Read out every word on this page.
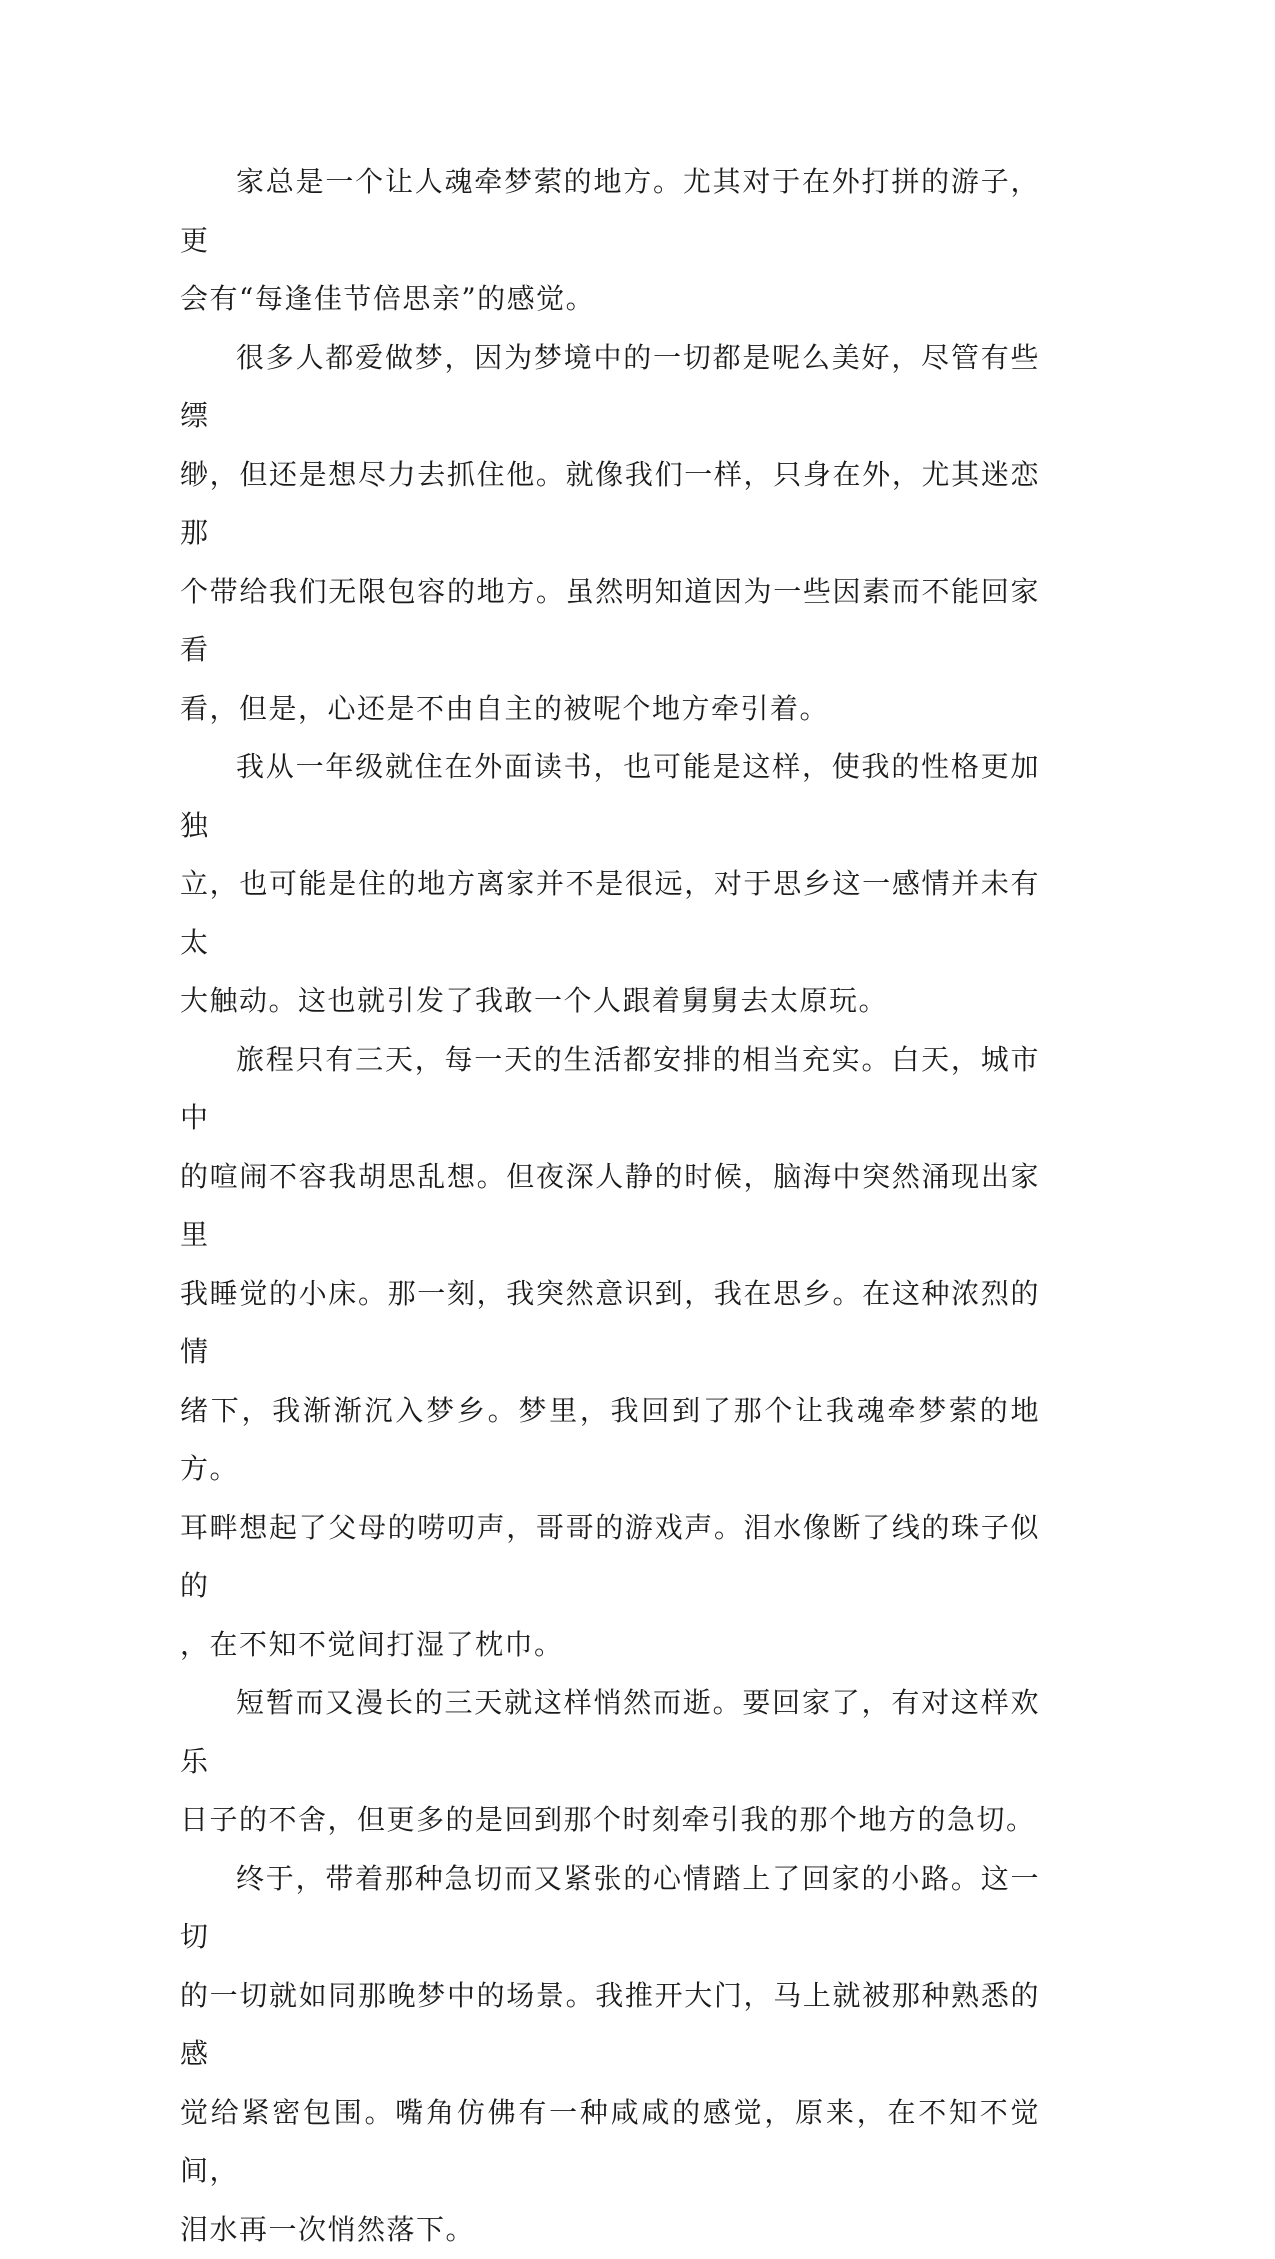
家总是一个让人魂牵梦萦的地方。尤其对于在外打拼的游子，更
会有“每逢佳节倍思亲”的感觉。

很多人都爱做梦，因为梦境中的一切都是呢么美好，尽管有些缥
缈，但还是想尽力去抓住他。就像我们一样，只身在外，尤其迷恋那
个带给我们无限包容的地方。虽然明知道因为一些因素而不能回家看
看，但是，心还是不由自主的被呢个地方牵引着。

我从一年级就住在外面读书，也可能是这样，使我的性格更加独
立，也可能是住的地方离家并不是很远，对于思乡这一感情并未有太
大触动。这也就引发了我敢一个人跟着舅舅去太原玩。

旅程只有三天，每一天的生活都安排的相当充实。白天，城市中
的喧闹不容我胡思乱想。但夜深人静的时候，脑海中突然涌现出家里
我睡觉的小床。那一刻，我突然意识到，我在思乡。在这种浓烈的情
绪下，我渐渐沉入梦乡。梦里，我回到了那个让我魂牵梦萦的地方。
耳畔想起了父母的唠叨声，哥哥的游戏声。泪水像断了线的珠子似的
，在不知不觉间打湿了枕巾。

短暂而又漫长的三天就这样悄然而逝。要回家了，有对这样欢乐
日子的不舍，但更多的是回到那个时刻牵引我的那个地方的急切。

终于，带着那种急切而又紧张的心情踏上了回家的小路。这一切
的一切就如同那晚梦中的场景。我推开大门，马上就被那种熟悉的感
觉给紧密包围。嘴角仿佛有一种咸咸的感觉，原来，在不知不觉间，
泪水再一次悄然落下。
